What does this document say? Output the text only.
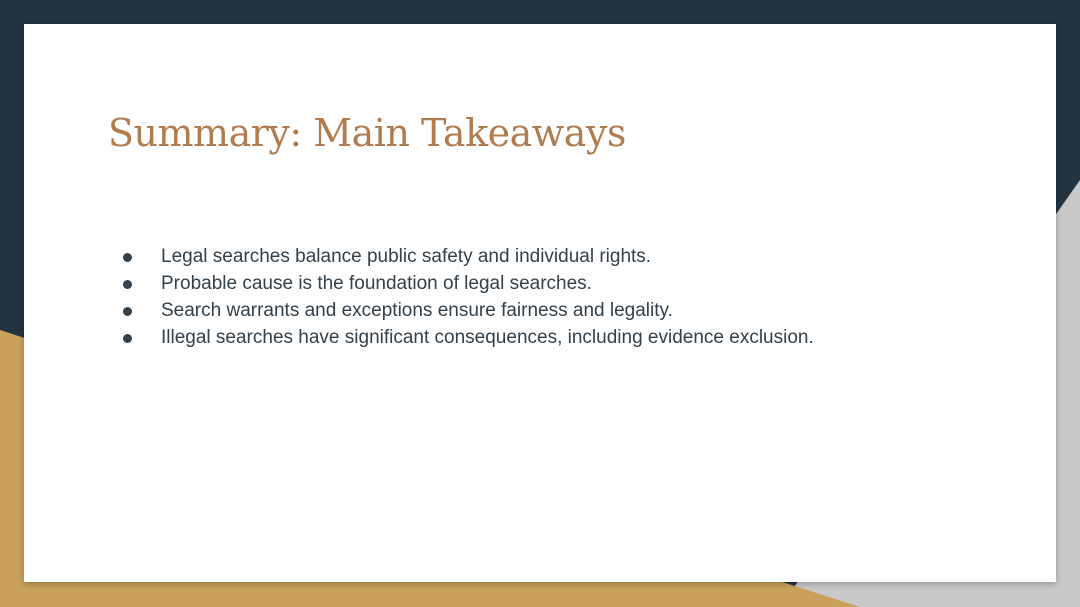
Summary: Main Takeaways
Legal searches balance public safety and individual rights.
Probable cause is the foundation of legal searches.
Search warrants and exceptions ensure fairness and legality.
Illegal searches have significant consequences, including evidence exclusion.
